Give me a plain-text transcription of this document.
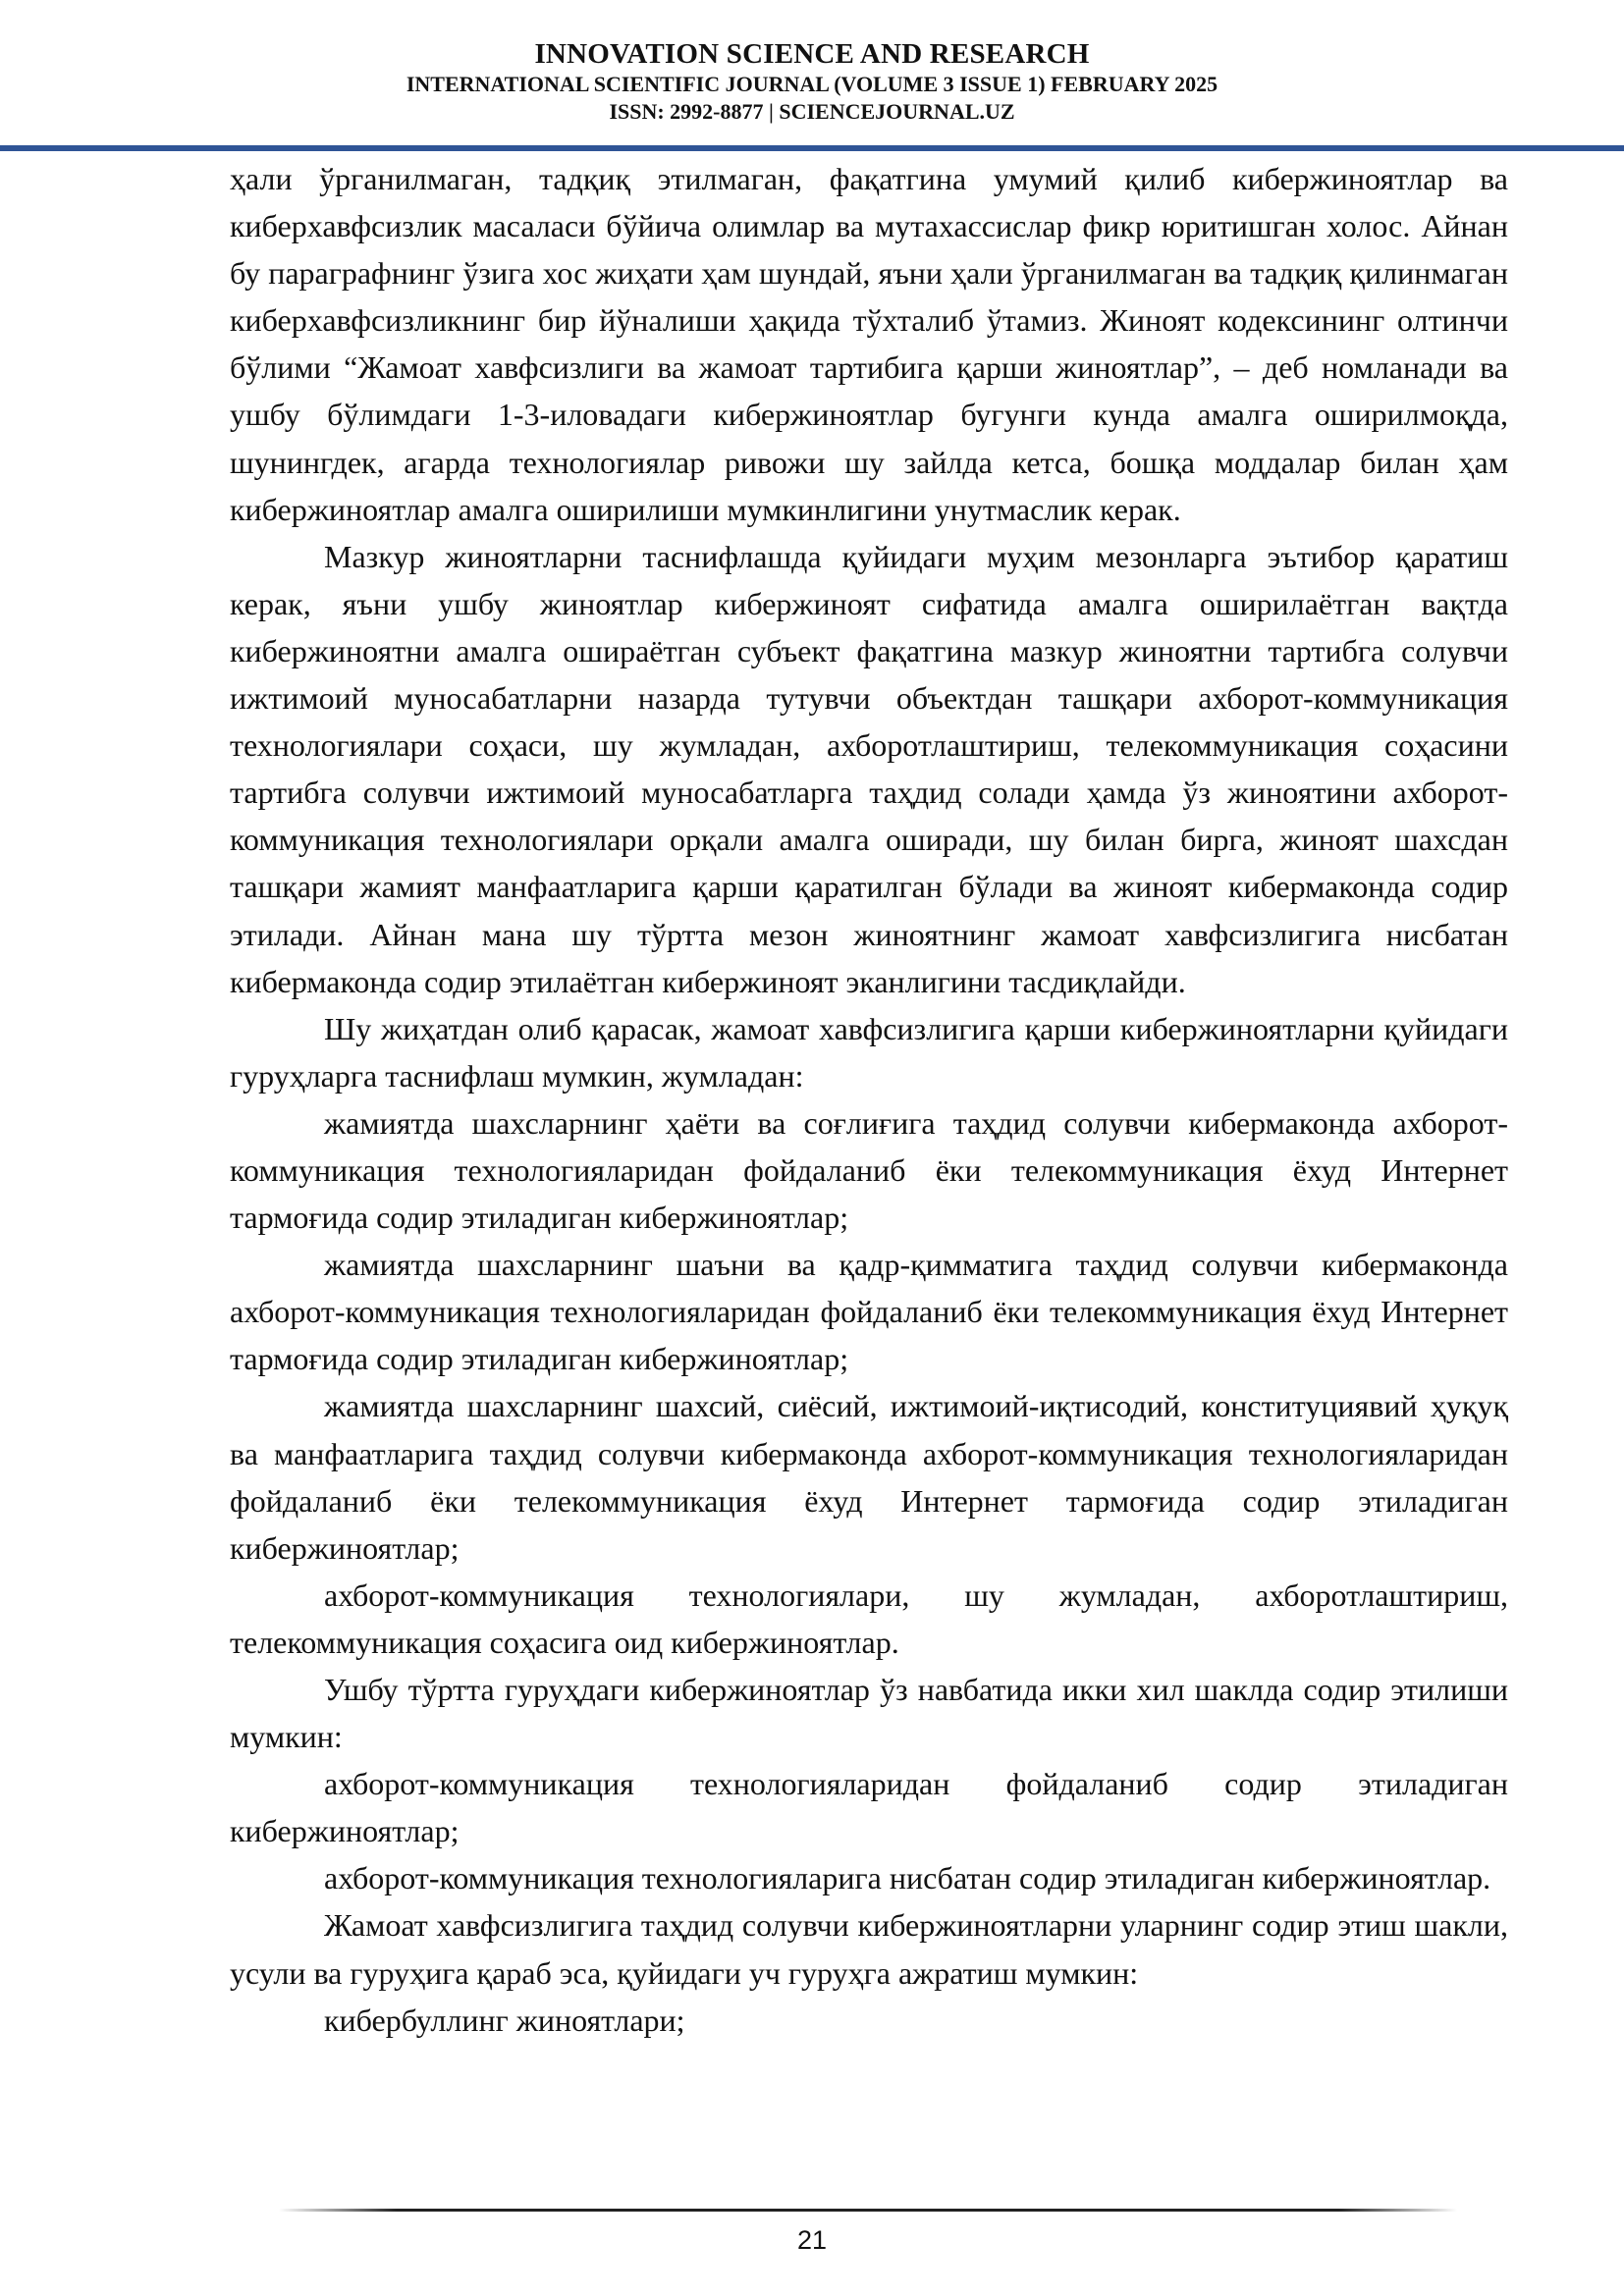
INNOVATION SCIENCE AND RESEARCH
INTERNATIONAL SCIENTIFIC JOURNAL (VOLUME 3 ISSUE 1) FEBRUARY 2025
ISSN: 2992-8877 | SCIENCEJOURNAL.UZ

ҳали ўрганилмаган, тадқиқ этилмаган, фақатгина умумий қилиб кибержиноятлар ва киберхавфсизлик масаласи бўйича олимлар ва мутахассислар фикр юритишган холос. Айнан бу параграфнинг ўзига хос жиҳати ҳам шундай, яъни ҳали ўрганилмаган ва тадқиқ қилинмаган киберхавфсизликнинг бир йўналиши ҳақида тўхталиб ўтамиз. Жиноят кодексининг олтинчи бўлими “Жамоат хавфсизлиги ва жамоат тартибига қарши жиноятлар”, – деб номланади ва ушбу бўлимдаги 1-3-иловадаги кибержиноятлар бугунги кунда амалга оширилмоқда, шунингдек, агарда технологиялар ривожи шу зайлда кетса, бошқа моддалар билан ҳам кибержиноятлар амалга оширилиши мумкинлигини унутмаслик керак.

Мазкур жиноятларни таснифлашда қуйидаги муҳим мезонларга эътибор қаратиш керак, яъни ушбу жиноятлар кибержиноят сифатида амалга оширилаётган вақтда кибержиноятни амалга ошираётган субъект фақатгина мазкур жиноятни тартибга солувчи ижтимоий муносабатларни назарда тутувчи объектдан ташқари ахборот-коммуникация технологиялари соҳаси, шу жумладан, ахборотлаштириш, телекоммуникация соҳасини тартибга солувчи ижтимоий муносабатларга таҳдид солади ҳамда ўз жиноятини ахборот-коммуникация технологиялари орқали амалга оширади, шу билан бирга, жиноят шахсдан ташқари жамият манфаатларига қарши қаратилган бўлади ва жиноят кибермаконда содир этилади. Айнан мана шу тўртта мезон жиноятнинг жамоат хавфсизлигига нисбатан кибермаконда содир этилаётган кибержиноят эканлигини тасдиқлайди.

Шу жиҳатдан олиб қарасак, жамоат хавфсизлигига қарши кибержиноятларни қуйидаги гуруҳларга таснифлаш мумкин, жумладан:

жамиятда шахсларнинг ҳаёти ва соғлиғига таҳдид солувчи кибермаконда ахборот-коммуникация технологияларидан фойдаланиб ёки телекоммуникация ёхуд Интернет тармоғида содир этиладиган кибержиноятлар;

жамиятда шахсларнинг шаъни ва қадр-қимматига таҳдид солувчи кибермаконда ахборот-коммуникация технологияларидан фойдаланиб ёки телекоммуникация ёхуд Интернет тармоғида содир этиладиган кибержиноятлар;

жамиятда шахсларнинг шахсий, сиёсий, ижтимоий-иқтисодий, конституциявий ҳуқуқ ва манфаатларига таҳдид солувчи кибермаконда ахборот-коммуникация технологияларидан фойдаланиб ёки телекоммуникация ёхуд Интернет тармоғида содир этиладиган кибержиноятлар;

ахборот-коммуникация технологиялари, шу жумладан, ахборотлаштириш, телекоммуникация соҳасига оид кибержиноятлар.

Ушбу тўртта гуруҳдаги кибержиноятлар ўз навбатида икки хил шаклда содир этилиши мумкин:

ахборот-коммуникация технологияларидан фойдаланиб содир этиладиган кибержиноятлар;

ахборот-коммуникация технологияларига нисбатан содир этиладиган кибержиноятлар.

Жамоат хавфсизлигига таҳдид солувчи кибержиноятларни уларнинг содир этиш шакли, усули ва гуруҳига қараб эса, қуйидаги уч гуруҳга ажратиш мумкин:

кибербуллинг жиноятлари;

21
